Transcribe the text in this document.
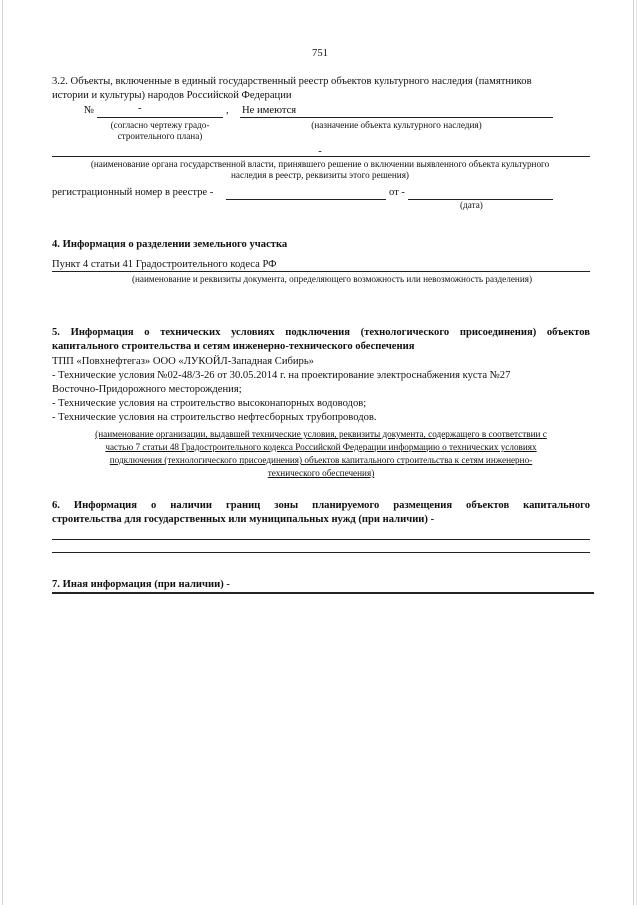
751
3.2. Объекты, включенные в единый государственный реестр объектов культурного наследия (памятников
истории и культуры) народов Российской Федерации
№	-	, Не имеются
(согласно чертежу градо-
строительного плана)
(назначение объекта культурного наследия)
-
(наименование органа государственной власти, принявшего решение о включении выявленного объекта культурного
наследия в реестр, реквизиты этого решения)
регистрационный номер в реестре -	от -
(дата)
4. Информация о разделении земельного участка
Пункт 4 статьи 41 Градостроительного кодеса РФ
(наименование и реквизиты документа, определяющего возможность или невозможность разделения)
5. Информация о технических условиях подключения (технологического присоединения) объектов
капитального строительства и сетям инженерно-технического обеспечения
ТПП «Повхнефтегаз» ООО «ЛУКОЙЛ-Западная Сибирь»
- Технические условия №02-48/3-26 от 30.05.2014 г. на проектирование электроснабжения куста №27
Восточно-Придорожного месторождения;
- Технические условия на строительство высоконапорных водоводов;
- Технические условия на строительство нефтесборных трубопроводов.
(наименование организации, выдавшей технические условия, реквизиты документа, содержащего в соответствии с
частью 7 статьи 48 Градостроительного кодекса Российской Федерации информацию о технических условиях
подключения (технологического присоединения) объектов капитального строительства к сетям инженерно-
технического обеспечения)
6. Информация о наличии границ зоны планируемого размещения объектов капитального
строительства для государственных или муниципальных нужд (при наличии) -
7. Иная информация (при наличии) -
